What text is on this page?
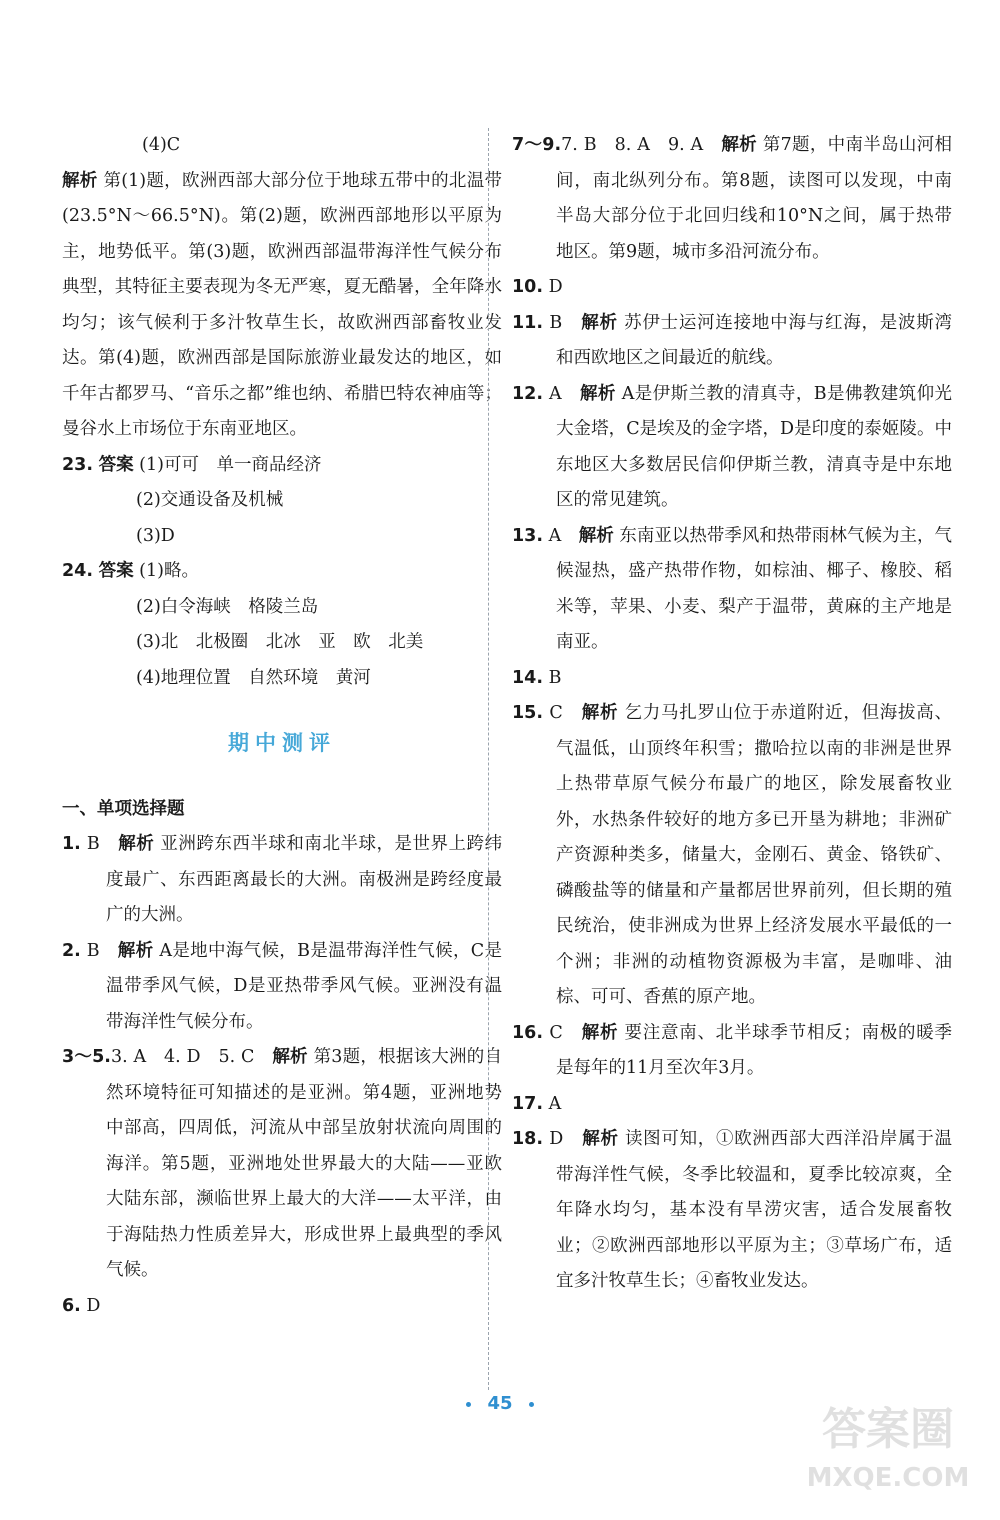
(4)C

解析 第(1)题，欧洲西部大部分位于地球五带中的北温带(23.5°N～66.5°N)。第(2)题，欧洲西部地形以平原为主，地势低平。第(3)题，欧洲西部温带海洋性气候分布典型，其特征主要表现为冬无严寒，夏无酷暑，全年降水均匀；该气候利于多汁牧草生长，故欧洲西部畜牧业发达。第(4)题，欧洲西部是国际旅游业最发达的地区，如千年古都罗马、“音乐之都”维也纳、希腊巴特农神庙等；曼谷水上市场位于东南亚地区。

23. 答案 (1)可可　单一商品经济

(2)交通设备及机械

(3)D

24. 答案 (1)略。

(2)白令海峡　格陵兰岛

(3)北　北极圈　北冰　亚　欧　北美

(4)地理位置　自然环境　黄河

期中测评

一、单项选择题

1. B　 解析 亚洲跨东西半球和南北半球，是世界上跨纬度最广、东西距离最长的大洲。南极洲是跨经度最广的大洲。

2. B　 解析 A是地中海气候，B是温带海洋性气候，C是温带季风气候，D是亚热带季风气候。亚洲没有温带海洋性气候分布。

3～5.3. A　4. D　5. C　 解析 第3题，根据该大洲的自然环境特征可知描述的是亚洲。第4题，亚洲地势中部高，四周低，河流从中部呈放射状流向周围的海洋。第5题，亚洲地处世界最大的大陆——亚欧大陆东部，濒临世界上最大的大洋——太平洋，由于海陆热力性质差异大，形成世界上最典型的季风气候。

6. D

7～9.7. B　8. A　9. A　 解析 第7题，中南半岛山河相间，南北纵列分布。第8题，读图可以发现，中南半岛大部分位于北回归线和10°N之间，属于热带地区。第9题，城市多沿河流分布。

10. D

11. B　 解析 苏伊士运河连接地中海与红海，是波斯湾和西欧地区之间最近的航线。

12. A　 解析 A是伊斯兰教的清真寺，B是佛教建筑仰光大金塔，C是埃及的金字塔，D是印度的泰姬陵。中东地区大多数居民信仰伊斯兰教，清真寺是中东地区的常见建筑。

13. A　 解析 东南亚以热带季风和热带雨林气候为主，气候湿热，盛产热带作物，如棕油、椰子、橡胶、稻米等，苹果、小麦、梨产于温带，黄麻的主产地是南亚。

14. B

15. C　 解析 乞力马扎罗山位于赤道附近，但海拔高、气温低，山顶终年积雪；撒哈拉以南的非洲是世界上热带草原气候分布最广的地区，除发展畜牧业外，水热条件较好的地方多已开垦为耕地；非洲矿产资源种类多，储量大，金刚石、黄金、铬铁矿、磷酸盐等的储量和产量都居世界前列，但长期的殖民统治，使非洲成为世界上经济发展水平最低的一个洲；非洲的动植物资源极为丰富，是咖啡、油棕、可可、香蕉的原产地。

16. C　 解析 要注意南、北半球季节相反；南极的暖季是每年的11月至次年3月。

17. A

18. D　 解析 读图可知，①欧洲西部大西洋沿岸属于温带海洋性气候，冬季比较温和，夏季比较凉爽，全年降水均匀，基本没有旱涝灾害，适合发展畜牧业；②欧洲西部地形以平原为主；③草场广布，适宜多汁牧草生长；④畜牧业发达。

45
答案圈
MXQE.COM
